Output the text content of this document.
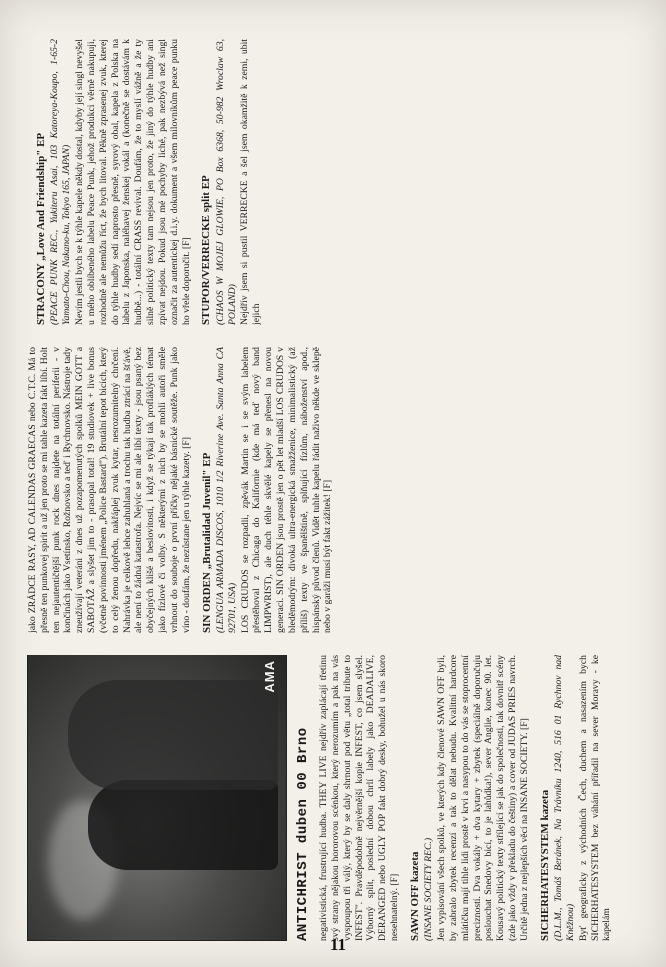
AMA
ANTICHRIST duben 00 Brno negativistická, frustrující hudba. THEY LIVE nejdřív zaplácají třetinu svý strany nějakou hororovou scénkou, který nerozumím a pak na vás vyspoupou tři válý, který by se daly shrnout pod větu „total tribute to INFEST". Pravděpodobně nejvěrnější kopie INFEST, co jsem slyšel. Výborný split, poslední dobou chrlí labely jako DEADALIVE, DERANGED nebo UGLY POP fakt dobrý desky, bohužel u nás skoro nesehnatelný. [F] SAWN OFF kazeta (INSANE SOCIETY REC.) Jen vypisování všech spolků, ve kterých kdy členové SAWN OFF byli, by zabralo zbytek recenzí a tak to dělat nebudu. Kvalitní hardcore mlátičku mají tihle lidi prostě v krvi a nasypou to do vás se stoprocentní precizností. Dva vokály + dva kytary + zbytek (speciálně doporučuju poslouchat Snedovy bicí, to je lahůdka!), sever Anglie, konec 90. let. Kousavý politický texty střílející se jak do společnosti, tak dovnitř scény (zde jako vždy v překladu do češtiny) a cover od JUDAS PRIES navrch. Určitě jedna z nejlepších věcí na INSANE SOCIETY. [F] SICHERHATESYSTEM kazeta (D.L.M., Tomáš Beránek, Na Trávníku 1240, 516 01 Rychnov nad Kněžnou) Byť geograficky z východních Čech, duchem a nasazením bych SICHERHATESYSTEM bez váhání přiřadil na sever Moravy - ke kapelám

jako ZRÁDCE RASY, AD CALENDAS GRAECAS nebo C.T.C. Má to přesně ten punkovej spirit a už jen proto se mi tahle kazeta fakt líbí. Holt ten nejautentičtější punk rock dnes najdete na totální periferii - v končinách jako Vsetínsko, Rožnovsko a teď i Rychnovsko. Nástroje tady zneužívají veteráni z dnes už pozapomenutých spolků MEIN GOTT a SABOTÁŽ a slyšet jim to - prasopal total! 19 studiovek + live bonus (včetně povinnosti jménem „Police Bastard"). Brutální tepot bicích, který to celý ženou dopředu, nakřáplej zvuk kytar, nesrozumitelný chrčení. Nahrávka je celkově lehce zahuhlaná a trochu tak hudba ztrácí na šťávě, ale není to žádná katastrofa. Nejvíc se mi ale líbí texty - jsou psaný bez obyčejných klišé a beslovitosti, i když se týkají tak profláklých témat jako fízlové či volby. S některými z nich by se mohli autoři směle vrhnout do souboje o první příčky nějaké básnické soutěže. Punk jako víno - doufám, že nezůstane jen u týhle kazety. [F] SIN ORDEN „Brutalidad Juvenil" EP (LENGUA ARMADA DISCOS, 1010 1/2 Riverine Ave. Santa Anna CA 92701, USA) LOS CRUDOS se rozpadli, zpěvák Martin se i se svým labelem přestěhoval z Chicaga do Kalifornie (kde má teď nový band LIMPWRIST), ale duch téhle skvělé kapely se přenesl na novou generaci. SIN ORDEN jsou prostě jen o pět let mladší LOS CRUDOS v bleděmodrým: divoká ultra-energická smažženice, minimalistický (až příliš) texty ve španělštině, splňující fízlům, náboženství apod., hispánský původ členů. Vidět tuhle kapelu řádit naživo někde ve sklepě nebo v garáži musí být fakt zážitek! [F]

STRACONY „Love And Friendship" EP (PEACE PUNK REC., Yukiteru Asai, 103 Katoreya-Koupo, 1-65-2 Yamato-Chou, Nakano-ku, Tokyo 165, JAPAN) Nevím jestli bych se k týhle kapele někdy dostal, kdyby její singl nevyšel u mého oblíbeného labelu Peace Punk, jehož produkci věrně nakupuji, rozhodně ale nemůžu říct, že bych litoval. Pěkně zprasenej zvuk, kterej do týhle hudby sedí naprosto přesně, syrový obal, kapela z Polska na labelu z Japonska, naléhavej ženskej vokál a (konečně se dostávám k hudbě...) - totální CRASS revival. Doufám, že to myslí vážně a že ty silně politický texty tam nejsou jen proto, že jiný do týhle hudby ani zpívat nejdou. Pokud jsou mé pochyby liché, pak nezbývá než singl označit za autentickej d.i.y. dokument a všem milovníkům peace punku ho vřele doporučit. [F] STUPOR/VERRECKE split EP (CHAOS W MOJEJ GLOWIE, PO Box 6368, 50-982 Wroclaw 63, POLAND) Nejdřív jsem si pustil VERRECKE a šel jsem okamžitě k zemi, ubit jejich

11
